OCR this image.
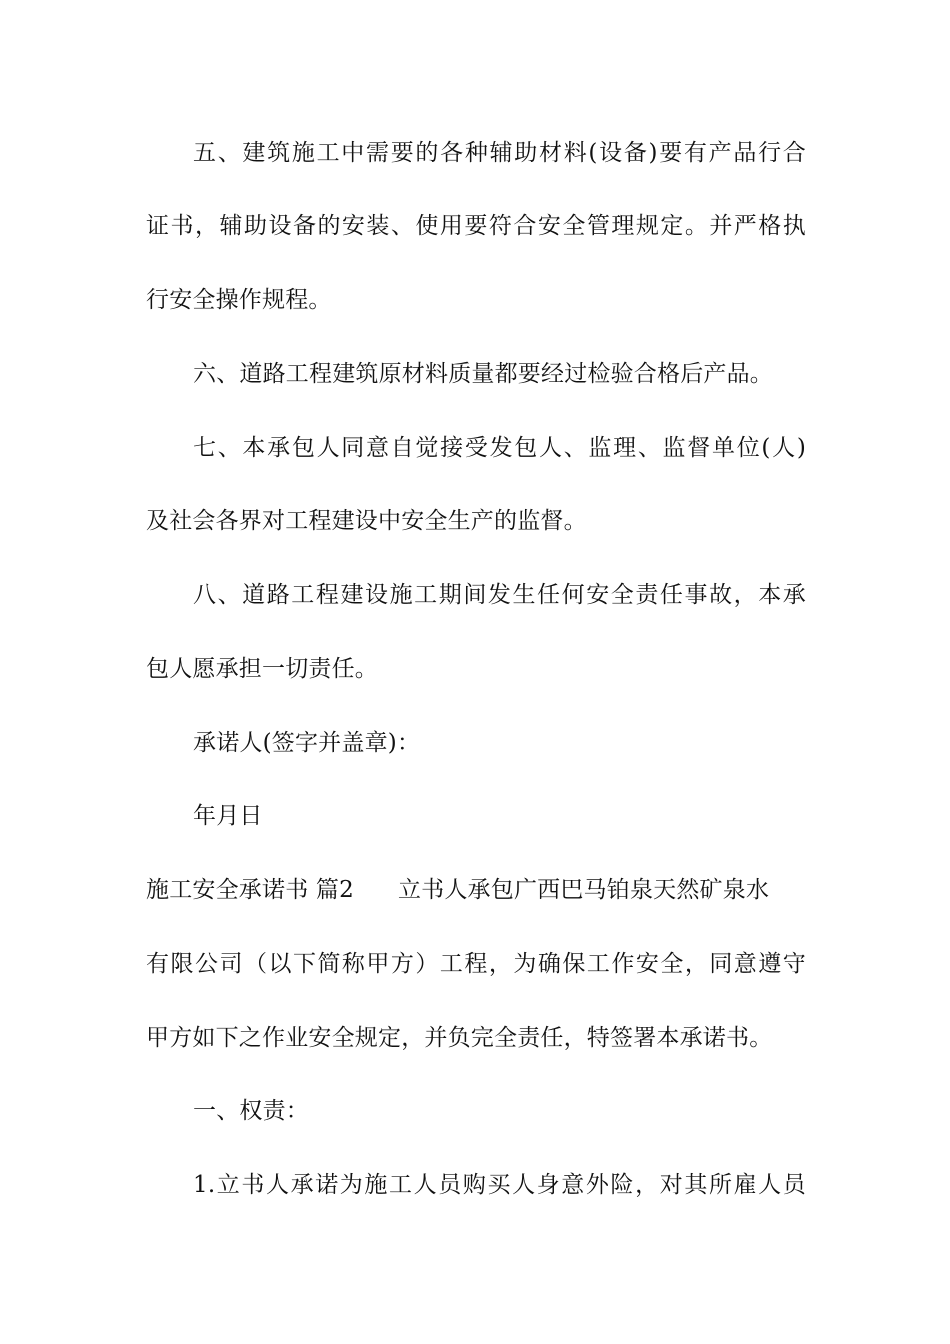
五、建筑施工中需要的各种辅助材料(设备)要有产品行合
证书，辅助设备的安装、使用要符合安全管理规定。并严格执
行安全操作规程。
六、道路工程建筑原材料质量都要经过检验合格后产品。
七、本承包人同意自觉接受发包人、监理、监督单位(人)
及社会各界对工程建设中安全生产的监督。
八、道路工程建设施工期间发生任何安全责任事故，本承
包人愿承担一切责任。
承诺人(签字并盖章)：
年月日
施工安全承诺书 篇2 立书人承包广西巴马铂泉天然矿泉水
有限公司（以下简称甲方）工程，为确保工作安全，同意遵守
甲方如下之作业安全规定，并负完全责任，特签署本承诺书。
一、权责：
1.立书人承诺为施工人员购买人身意外险，对其所雇人员
